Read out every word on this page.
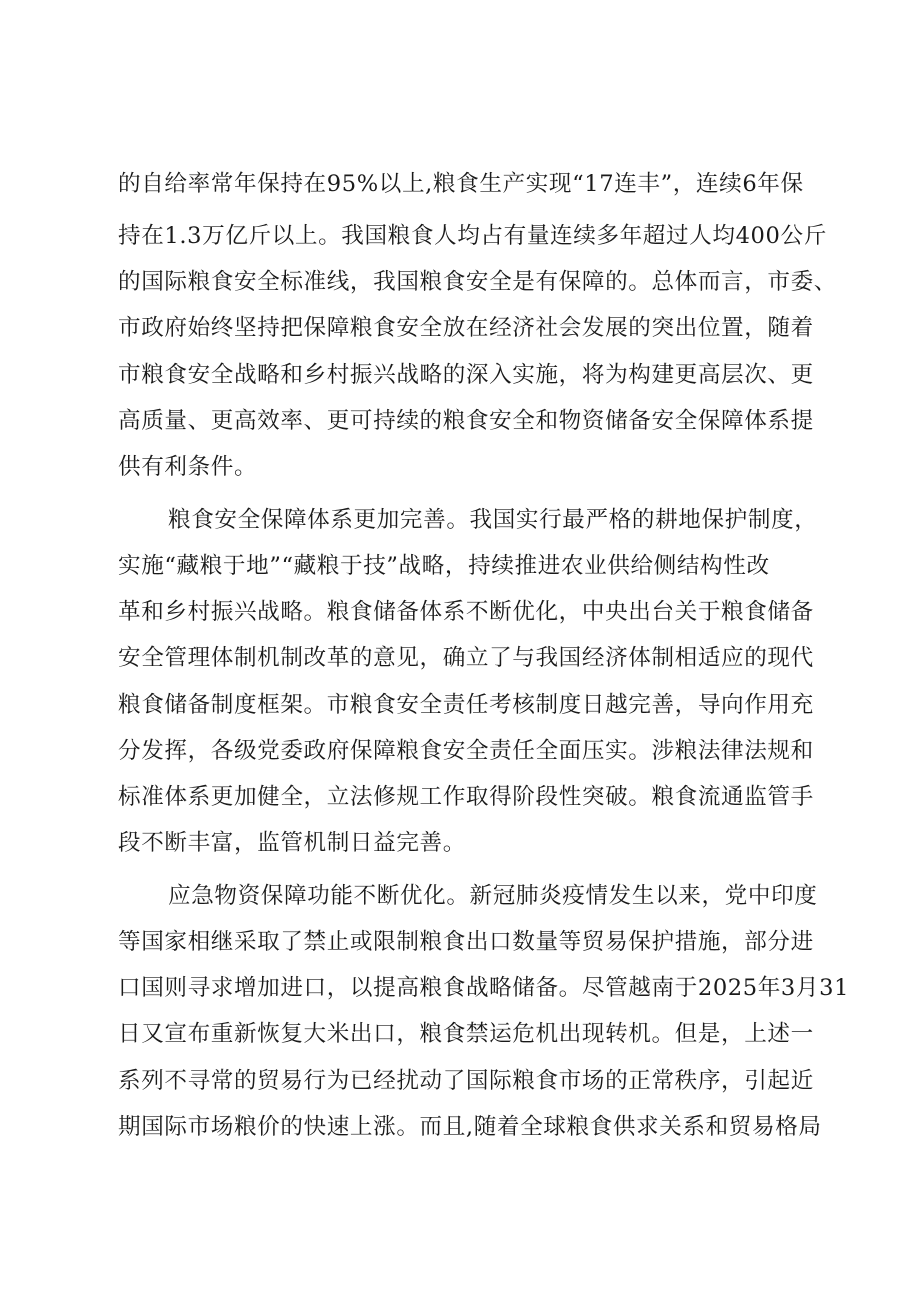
的自给率常年保持在95%以上,粮食生产实现“17连丰”，连续6年保
持在1.3万亿斤以上。我国粮食人均占有量连续多年超过人均400公斤
的国际粮食安全标准线，我国粮食安全是有保障的。总体而言，市委、
市政府始终坚持把保障粮食安全放在经济社会发展的突出位置，随着
市粮食安全战略和乡村振兴战略的深入实施，将为构建更高层次、更
高质量、更高效率、更可持续的粮食安全和物资储备安全保障体系提
供有利条件。
粮食安全保障体系更加完善。我国实行最严格的耕地保护制度，
实施“藏粮于地”“藏粮于技”战略，持续推进农业供给侧结构性改
革和乡村振兴战略。粮食储备体系不断优化，中央出台关于粮食储备
安全管理体制机制改革的意见，确立了与我国经济体制相适应的现代
粮食储备制度框架。市粮食安全责任考核制度日越完善，导向作用充
分发挥，各级党委政府保障粮食安全责任全面压实。涉粮法律法规和
标准体系更加健全，立法修规工作取得阶段性突破。粮食流通监管手
段不断丰富，监管机制日益完善。
应急物资保障功能不断优化。新冠肺炎疫情发生以来，党中印度
等国家相继采取了禁止或限制粮食出口数量等贸易保护措施，部分进
口国则寻求增加进口，以提高粮食战略储备。尽管越南于2025年3月31
日又宣布重新恢复大米出口，粮食禁运危机出现转机。但是，上述一
系列不寻常的贸易行为已经扰动了国际粮食市场的正常秩序，引起近
期国际市场粮价的快速上涨。而且,随着全球粮食供求关系和贸易格局
